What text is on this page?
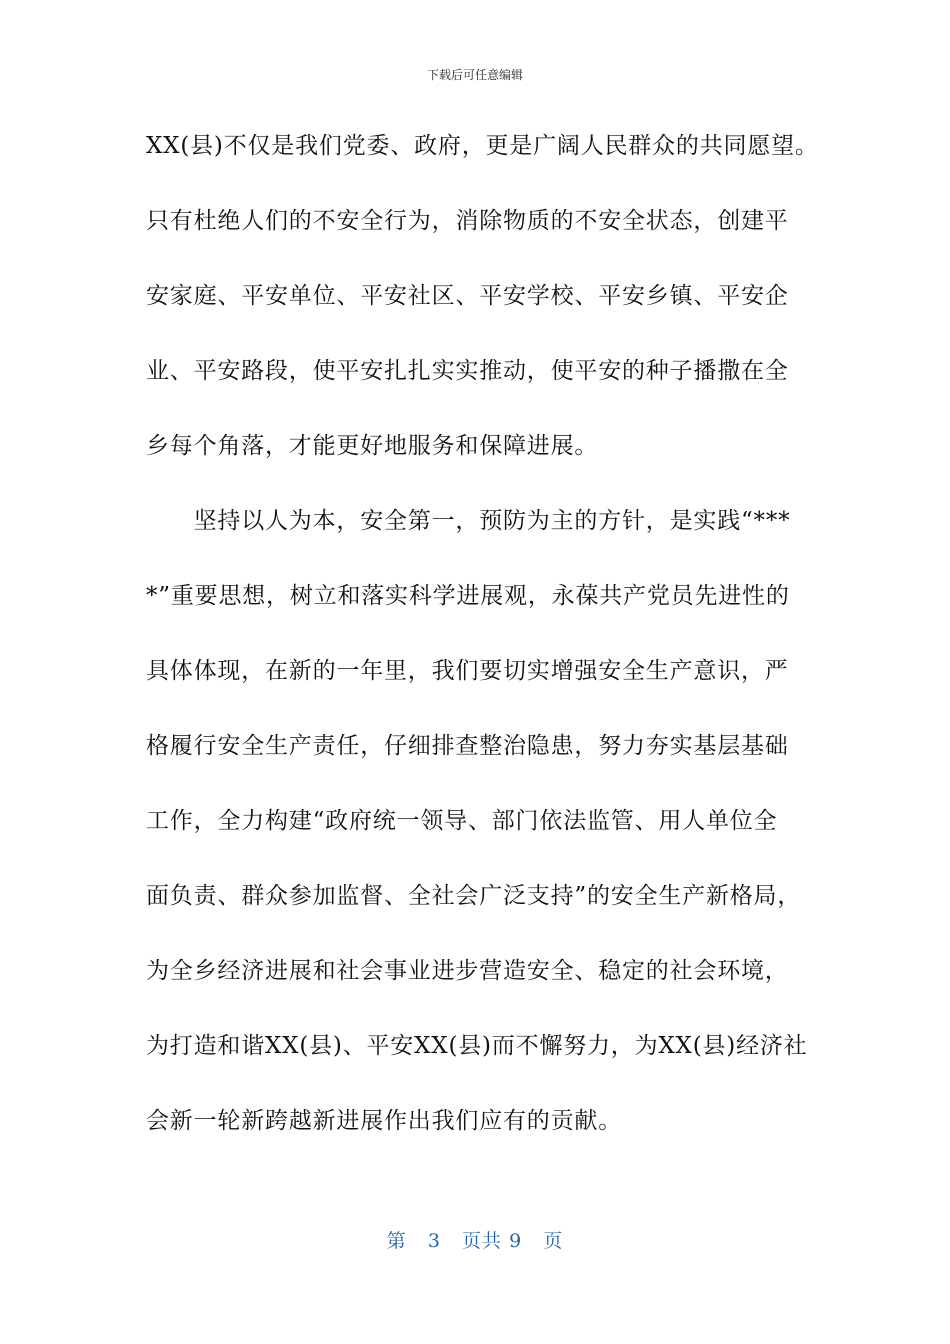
下载后可任意编辑
XX(县)不仅是我们党委、政府，更是广阔人民群众的共同愿望。
只有杜绝人们的不安全行为，消除物质的不安全状态，创建平
安家庭、平安单位、平安社区、平安学校、平安乡镇、平安企
业、平安路段，使平安扎扎实实推动，使平安的种子播撒在全
乡每个角落，才能更好地服务和保障进展。
　　坚持以人为本，安全第一，预防为主的方针，是实践“***
*”重要思想，树立和落实科学进展观，永葆共产党员先进性的
具体体现，在新的一年里，我们要切实增强安全生产意识，严
格履行安全生产责任，仔细排查整治隐患，努力夯实基层基础
工作，全力构建“政府统一领导、部门依法监管、用人单位全
面负责、群众参加监督、全社会广泛支持”的安全生产新格局，
为全乡经济进展和社会事业进步营造安全、稳定的社会环境，
为打造和谐XX(县)、平安XX(县)而不懈努力，为XX(县)经济社
会新一轮新跨越新进展作出我们应有的贡献。
第 3 页共 9 页
